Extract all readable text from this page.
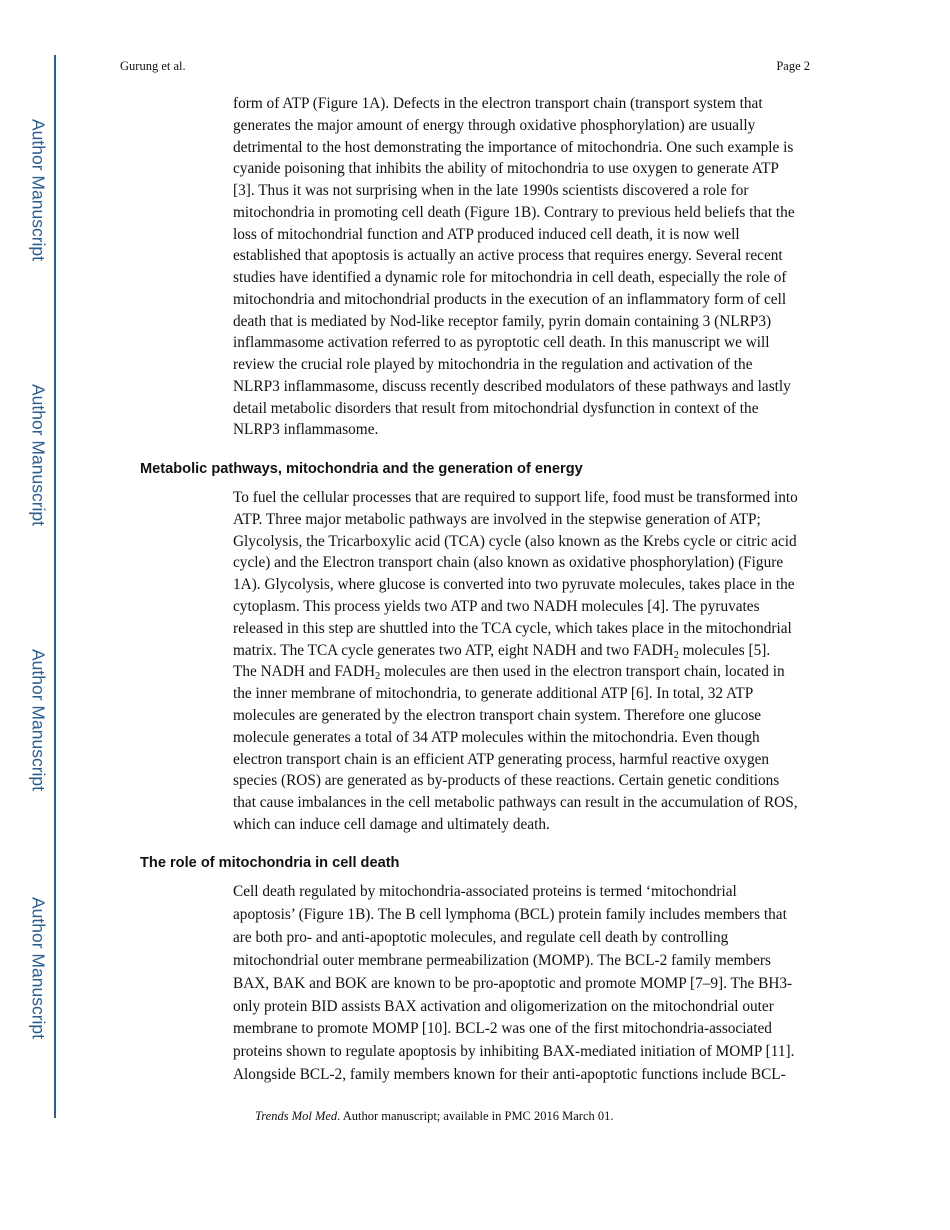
Author Manuscript
Author Manuscript
Author Manuscript
Author Manuscript
Gurung et al.	Page 2
Metabolic pathways, mitochondria and the generation of energy
The role of mitochondria in cell death
form of ATP (Figure 1A). Defects in the electron transport chain (transport system that
generates the major amount of energy through oxidative phosphorylation) are usually
detrimental to the host demonstrating the importance of mitochondria. One such example is
cyanide poisoning that inhibits the ability of mitochondria to use oxygen to generate ATP
[3]. Thus it was not surprising when in the late 1990s scientists discovered a role for
mitochondria in promoting cell death (Figure 1B). Contrary to previous held beliefs that the
loss of mitochondrial function and ATP produced induced cell death, it is now well
established that apoptosis is actually an active process that requires energy. Several recent
studies have identified a dynamic role for mitochondria in cell death, especially the role of
mitochondria and mitochondrial products in the execution of an inflammatory form of cell
death that is mediated by Nod-like receptor family, pyrin domain containing 3 (NLRP3)
inflammasome activation referred to as pyroptotic cell death. In this manuscript we will
review the crucial role played by mitochondria in the regulation and activation of the
NLRP3 inflammasome, discuss recently described modulators of these pathways and lastly
detail metabolic disorders that result from mitochondrial dysfunction in context of the
NLRP3 inflammasome.
To fuel the cellular processes that are required to support life, food must be transformed into
ATP. Three major metabolic pathways are involved in the stepwise generation of ATP;
Glycolysis, the Tricarboxylic acid (TCA) cycle (also known as the Krebs cycle or citric acid
cycle) and the Electron transport chain (also known as oxidative phosphorylation) (Figure
1A). Glycolysis, where glucose is converted into two pyruvate molecules, takes place in the
cytoplasm. This process yields two ATP and two NADH molecules [4]. The pyruvates
released in this step are shuttled into the TCA cycle, which takes place in the mitochondrial
matrix. The TCA cycle generates two ATP, eight NADH and two $FADH_2$ molecules [5].
The NADH and $FADH_2$ molecules are then used in the electron transport chain, located in
the inner membrane of mitochondria, to generate additional ATP [6]. In total, 32 ATP
molecules are generated by the electron transport chain system. Therefore one glucose
molecule generates a total of 34 ATP molecules within the mitochondria. Even though
electron transport chain is an efficient ATP generating process, harmful reactive oxygen
species (ROS) are generated as by-products of these reactions. Certain genetic conditions
that cause imbalances in the cell metabolic pathways can result in the accumulation of ROS,
which can induce cell damage and ultimately death.
Cell death regulated by mitochondria-associated proteins is termed ‘mitochondrial
apoptosis’ (Figure 1B). The B cell lymphoma (BCL) protein family includes members that
are both pro- and anti-apoptotic molecules, and regulate cell death by controlling
mitochondrial outer membrane permeabilization (MOMP). The BCL-2 family members
BAX, BAK and BOK are known to be pro-apoptotic and promote MOMP [7–9]. The BH3-
only protein BID assists BAX activation and oligomerization on the mitochondrial outer
membrane to promote MOMP [10]. BCL-2 was one of the first mitochondria-associated
proteins shown to regulate apoptosis by inhibiting BAX-mediated initiation of MOMP [11].
Alongside BCL-2, family members known for their anti-apoptotic functions include BCL-
Trends Mol Med. Author manuscript; available in PMC 2016 March 01.
